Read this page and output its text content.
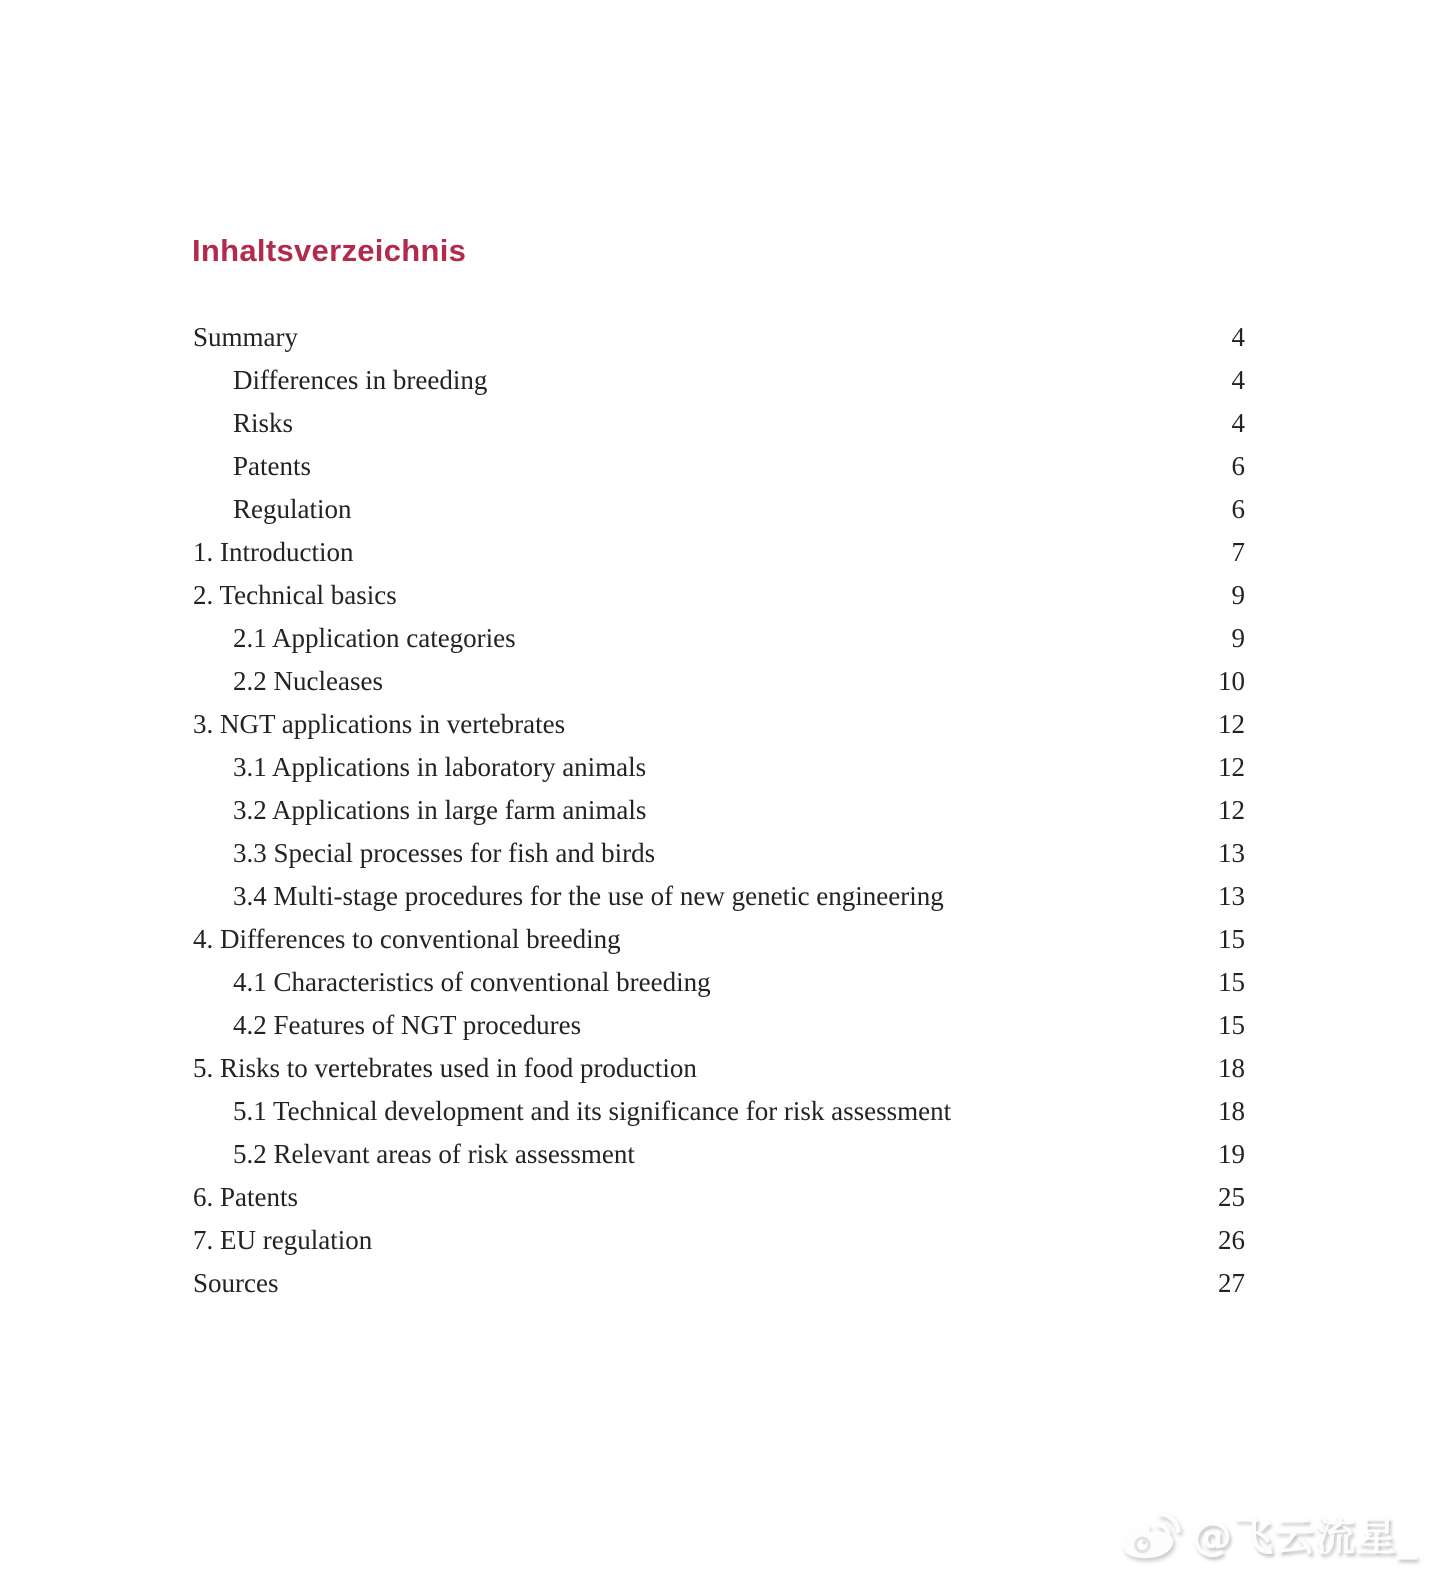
Inhaltsverzeichnis
Summary	4
Differences in breeding	4
Risks	4
Patents	6
Regulation	6
1. Introduction	7
2. Technical basics	9
2.1 Application categories	9
2.2 Nucleases	10
3. NGT applications in vertebrates	12
3.1 Applications in laboratory animals	12
3.2 Applications in large farm animals	12
3.3 Special processes for fish and birds	13
3.4 Multi-stage procedures for the use of new genetic engineering	13
4. Differences to conventional breeding	15
4.1 Characteristics of conventional breeding	15
4.2 Features of NGT procedures	15
5. Risks to vertebrates used in food production	18
5.1 Technical development and its significance for risk assessment	18
5.2 Relevant areas of risk assessment	19
6. Patents	25
7. EU regulation	26
Sources	27
@飞云流星_
